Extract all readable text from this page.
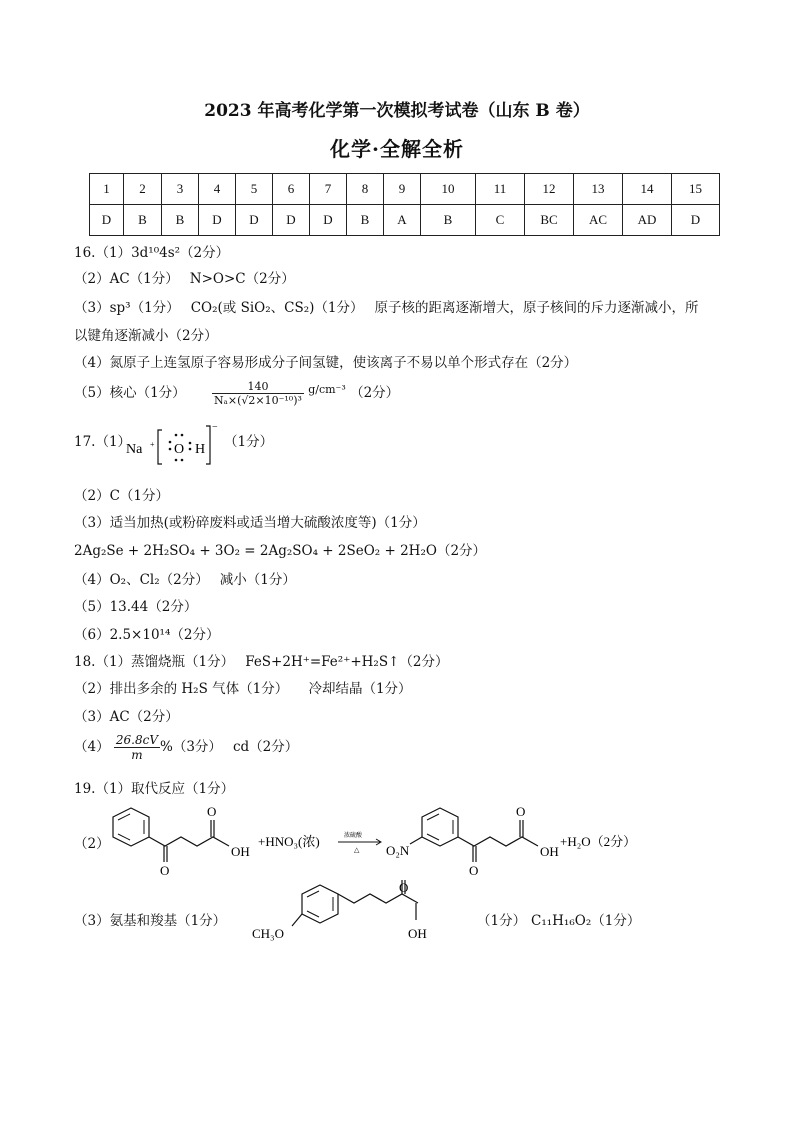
2023 年高考化学第一次模拟考试卷（山东 B 卷）
化学·全解全析
1	2	3	4	5	6	7	8	9	10	11	12	13	14	15
D	B	B	D	D	D	D	B	A	B	C	BC	AC	AD	D
16.（1）3d¹⁰4s²（2分）
（2）AC（1分）　 N>O>C（2分）
（3）sp³（1分）　 CO₂(或 SiO₂、CS₂)（1分）　 原子核的距离逐渐增大，原子核间的斥力逐渐减小，所
以键角逐渐减小（2分）
（4）氮原子上连氢原子容易形成分子间氢键，使该离子不易以单个形式存在（2分）
（5）核心（1分） $\frac{140}{\text{Nₐ×(√2×10⁻¹⁰)³}} ^{g/cm^{-3}}$ （2分）
17.（1）
Na + O H
−
（1分）
（2）C（1分）
（3）适当加热(或粉碎废料或适当增大硫酸浓度等)（1分）
2Ag₂Se + 2H₂SO₄ + 3O₂ = 2Ag₂SO₄ + 2SeO₂ + 2H₂O（2分）
（4）O₂、Cl₂（2分）　 减小（1分）
（5）13.44（2分）
（6）2.5×10¹⁴（2分）
18.（1）蒸馏烧瓶（1分）　 FeS+2H⁺=Fe²⁺+H₂S↑（2分）
（2）排出多余的 H₂S 气体（1分）　　冷却结晶（1分）
（3）AC（2分）
$(4) \frac{26.8cV}{m} \%(3$分）　 cd（2分）
19.（1）取代反应（1分）
（2）
O
O
OH
+HNO₃(浓)	浓硫酸
△ O₂N
O
O
OH
+H₂O（2分）
（3）氨基和羧基（1分）
CH₃O
O
OH
（1分） C₁₁H₁₆O₂（1分）
